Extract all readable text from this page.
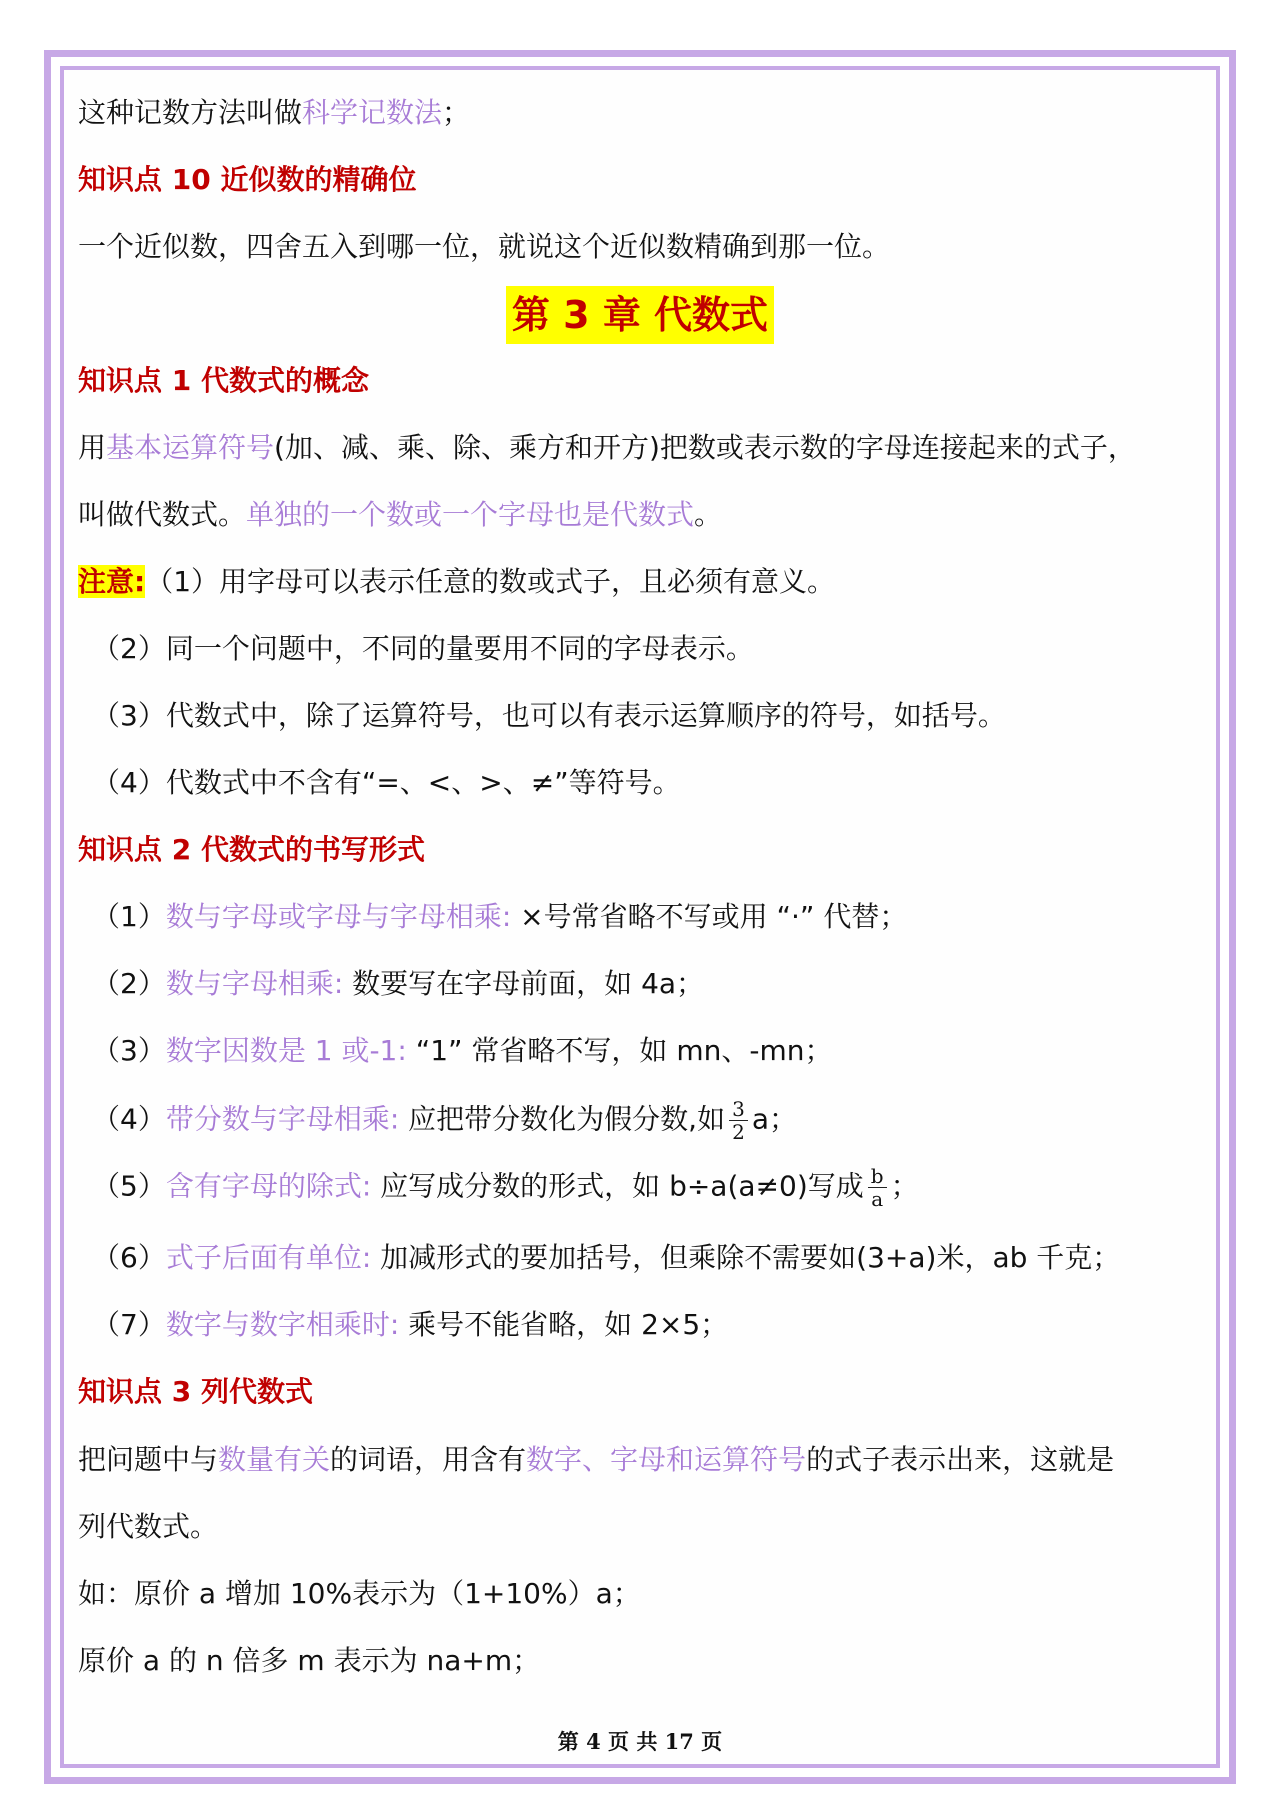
这种记数方法叫做科学记数法；
知识点 10 近似数的精确位
一个近似数，四舍五入到哪一位，就说这个近似数精确到那一位。
第 3 章 代数式
知识点 1 代数式的概念
用基本运算符号(加、减、乘、除、乘方和开方)把数或表示数的字母连接起来的式子，
叫做代数式。单独的一个数或一个字母也是代数式。
注意:（1）用字母可以表示任意的数或式子，且必须有意义。
（2）同一个问题中，不同的量要用不同的字母表示。
（3）代数式中，除了运算符号，也可以有表示运算顺序的符号，如括号。
（4）代数式中不含有“=、<、>、≠”等符号。
知识点 2 代数式的书写形式
（1）数与字母或字母与字母相乘: ×号常省略不写或用 “·” 代替；
（2）数与字母相乘: 数要写在字母前面，如 4a；
（3）数字因数是 1 或-1: “1” 常省略不写，如 mn、-mn；
（4）带分数与字母相乘: 应把带分数化为假分数,如 $\frac{3}{2}$ a；
（5）含有字母的除式: 应写成分数的形式，如 b÷a(a≠0)写成 $\frac{b}{a}$ ；
（6）式子后面有单位: 加减形式的要加括号，但乘除不需要如(3+a)米，ab 千克；
（7）数字与数字相乘时: 乘号不能省略，如 2×5；
知识点 3 列代数式
把问题中与数量有关的词语，用含有数字、字母和运算符号的式子表示出来，这就是
列代数式。
如：原价 a 增加 10%表示为（1+10%）a；
原价 a 的 n 倍多 m 表示为 na+m；
第 4 页 共 17 页
